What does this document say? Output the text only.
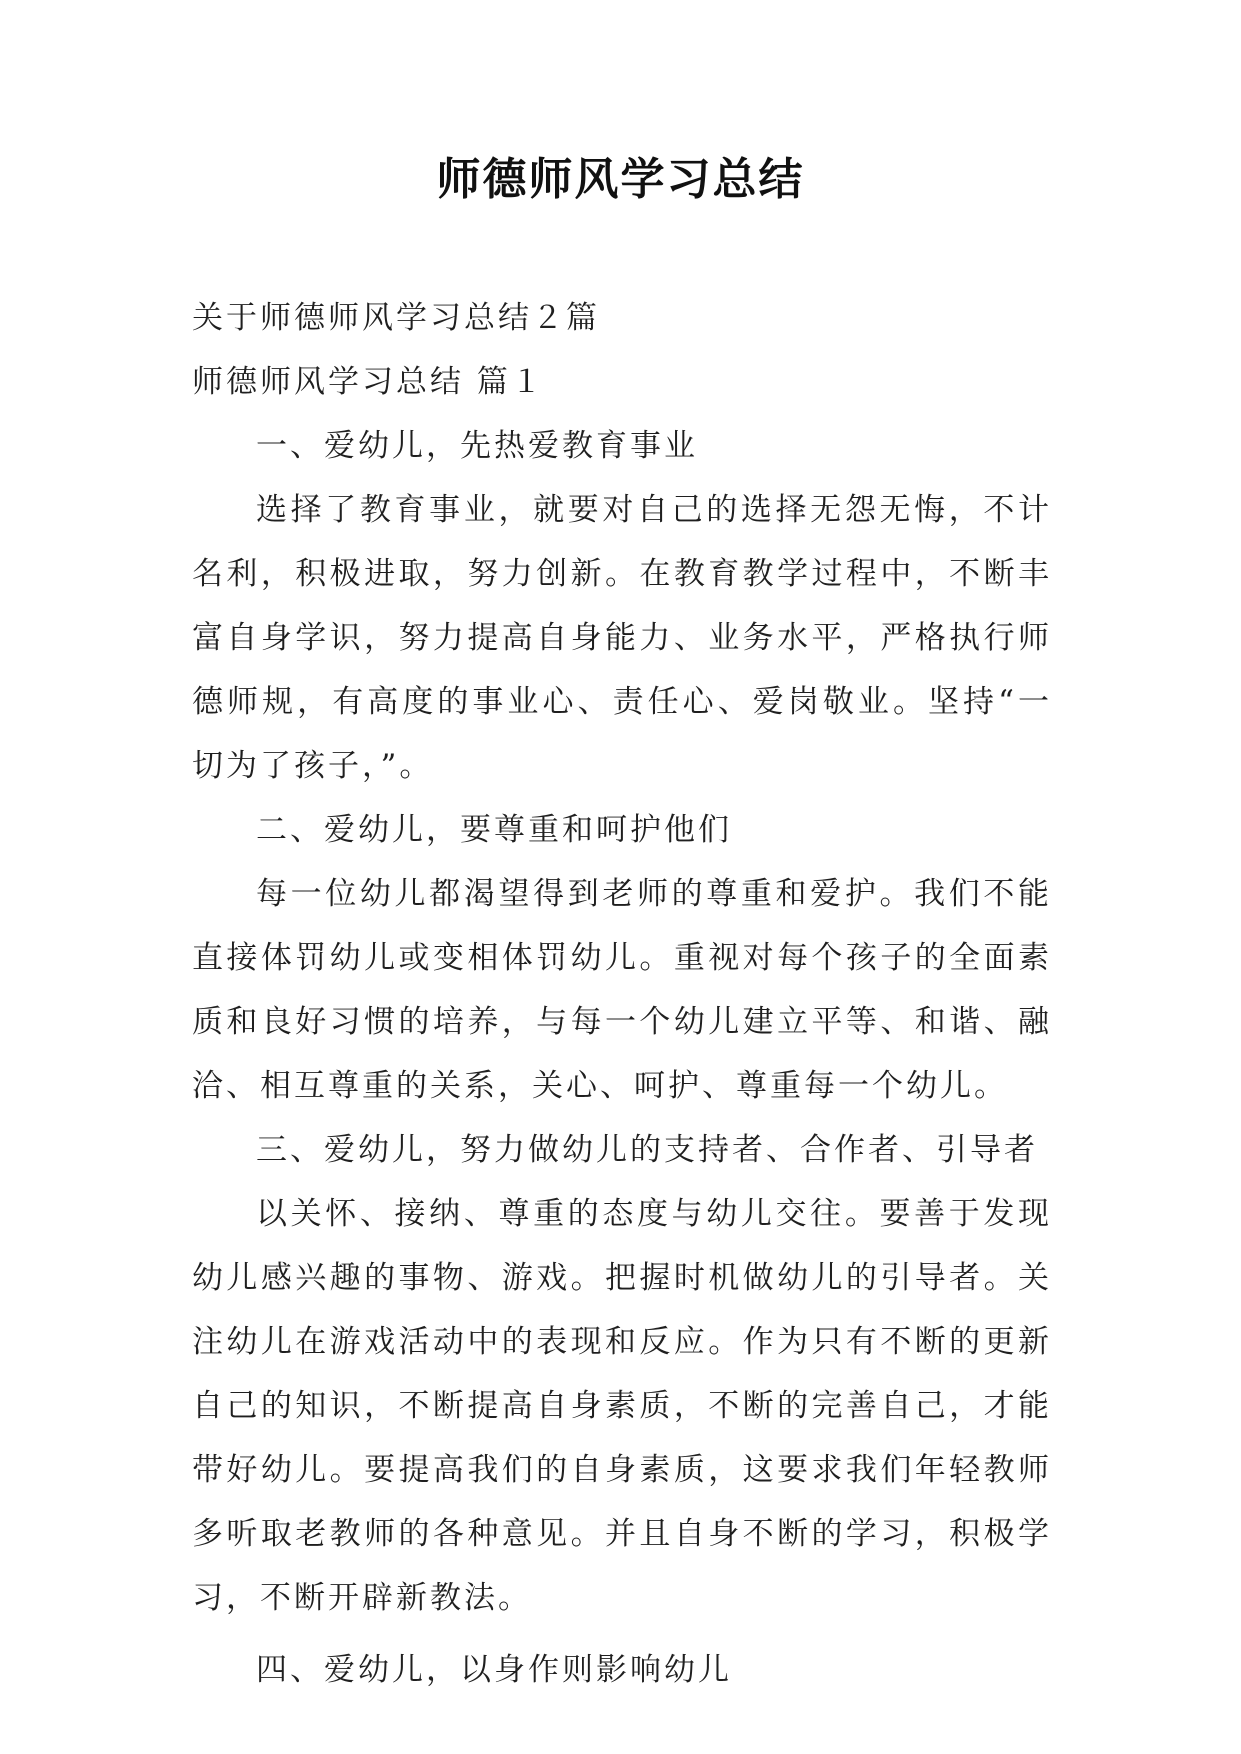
师德师风学习总结

关于师德师风学习总结２篇

师德师风学习总结 篇１

一、爱幼儿，先热爱教育事业

选择了教育事业，就要对自己的选择无怨无悔，不计名利，积极进取，努力创新。在教育教学过程中，不断丰富自身学识，努力提高自身能力、业务水平，严格执行师德师规，有高度的事业心、责任心、爱岗敬业。坚持“一切为了孩子，”。

二、爱幼儿，要尊重和呵护他们

每一位幼儿都渴望得到老师的尊重和爱护。我们不能直接体罚幼儿或变相体罚幼儿。重视对每个孩子的全面素质和良好习惯的培养，与每一个幼儿建立平等、和谐、融洽、相互尊重的关系，关心、呵护、尊重每一个幼儿。

三、爱幼儿，努力做幼儿的支持者、合作者、引导者

以关怀、接纳、尊重的态度与幼儿交往。要善于发现幼儿感兴趣的事物、游戏。把握时机做幼儿的引导者。关注幼儿在游戏活动中的表现和反应。作为只有不断的更新自己的知识，不断提高自身素质，不断的完善自己，才能带好幼儿。要提高我们的自身素质，这要求我们年轻教师多听取老教师的各种意见。并且自身不断的学习，积极学习，不断开辟新教法。

四、爱幼儿，以身作则影响幼儿
